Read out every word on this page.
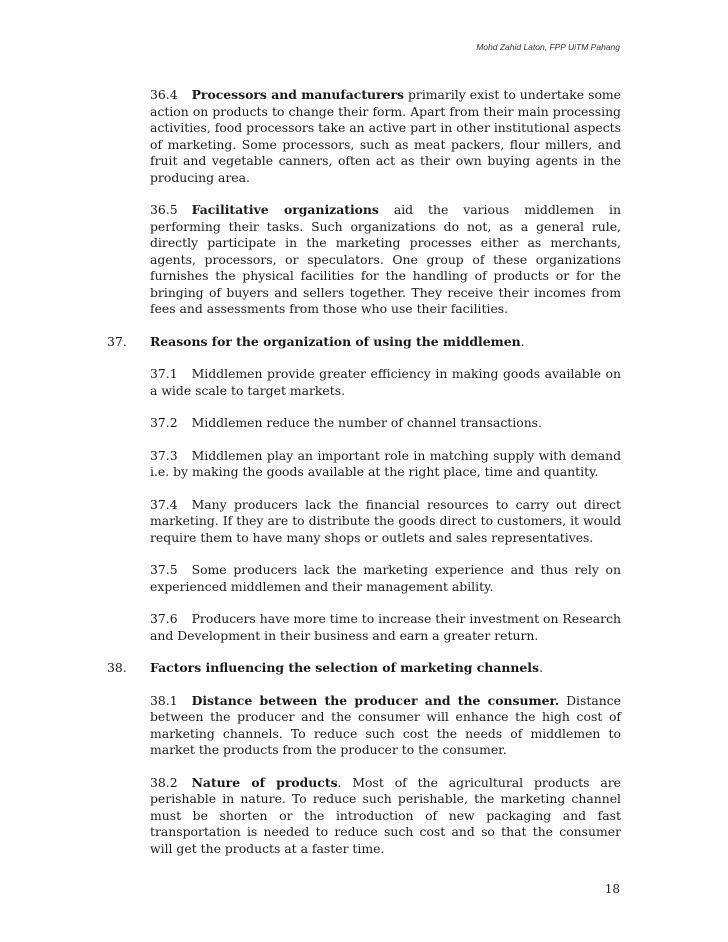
Mohd Zahid Laton, FPP UiTM Pahang

36.4 Processors and manufacturers primarily exist to undertake some action on products to change their form. Apart from their main processing activities, food processors take an active part in other institutional aspects of marketing. Some processors, such as meat packers, flour millers, and fruit and vegetable canners, often act as their own buying agents in the producing area.

36.5 Facilitative organizations aid the various middlemen in performing their tasks. Such organizations do not, as a general rule, directly participate in the marketing processes either as merchants, agents, processors, or speculators. One group of these organizations furnishes the physical facilities for the handling of products or for the bringing of buyers and sellers together. They receive their incomes from fees and assessments from those who use their facilities.

37. Reasons for the organization of using the middlemen.

37.1 Middlemen provide greater efficiency in making goods available on a wide scale to target markets.

37.2 Middlemen reduce the number of channel transactions.

37.3 Middlemen play an important role in matching supply with demand i.e. by making the goods available at the right place, time and quantity.

37.4 Many producers lack the financial resources to carry out direct marketing. If they are to distribute the goods direct to customers, it would require them to have many shops or outlets and sales representatives.

37.5 Some producers lack the marketing experience and thus rely on experienced middlemen and their management ability.

37.6 Producers have more time to increase their investment on Research and Development in their business and earn a greater return.

38. Factors influencing the selection of marketing channels.

38.1 Distance between the producer and the consumer. Distance between the producer and the consumer will enhance the high cost of marketing channels. To reduce such cost the needs of middlemen to market the products from the producer to the consumer.

38.2 Nature of products. Most of the agricultural products are perishable in nature. To reduce such perishable, the marketing channel must be shorten or the introduction of new packaging and fast transportation is needed to reduce such cost and so that the consumer will get the products at a faster time.

18
